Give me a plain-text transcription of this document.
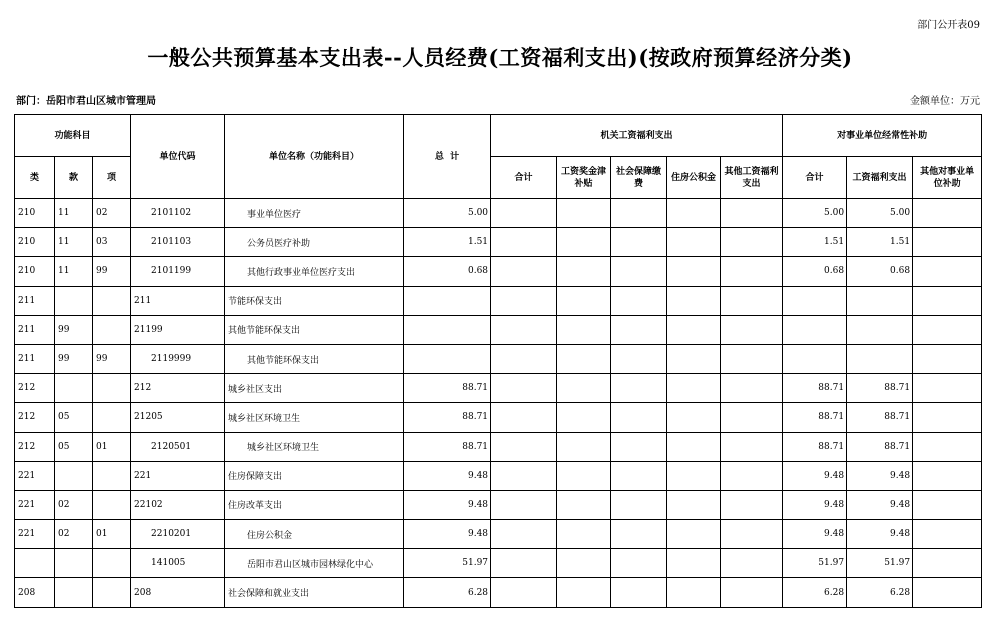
部门公开表09
一般公共预算基本支出表--人员经费(工资福利支出)(按政府预算经济分类)
部门：岳阳市君山区城市管理局	金额单位：万元
功能科目			单位代码	单位名称（功能科目）	总  计	机关工资福利支出					对事业单位经常性补助		
类	款	项				合计	工资奖金津补贴	社会保障缴费	住房公积金	其他工资福利支出	合计	工资福利支出	其他对事业单位补助
210	11	02	2101102	事业单位医疗	5.00						5.00	5.00	
210	11	03	2101103	公务员医疗补助	1.51						1.51	1.51	
210	11	99	2101199	其他行政事业单位医疗支出	0.68						0.68	0.68	
211			211	节能环保支出									
211	99		21199	其他节能环保支出									
211	99	99	2119999	其他节能环保支出									
212			212	城乡社区支出	88.71						88.71	88.71	
212	05		21205	城乡社区环境卫生	88.71						88.71	88.71	
212	05	01	2120501	城乡社区环境卫生	88.71						88.71	88.71	
221			221	住房保障支出	9.48						9.48	9.48	
221	02		22102	住房改革支出	9.48						9.48	9.48	
221	02	01	2210201	住房公积金	9.48						9.48	9.48	
			141005	岳阳市君山区城市园林绿化中心	51.97						51.97	51.97	
208			208	社会保障和就业支出	6.28						6.28	6.28	
